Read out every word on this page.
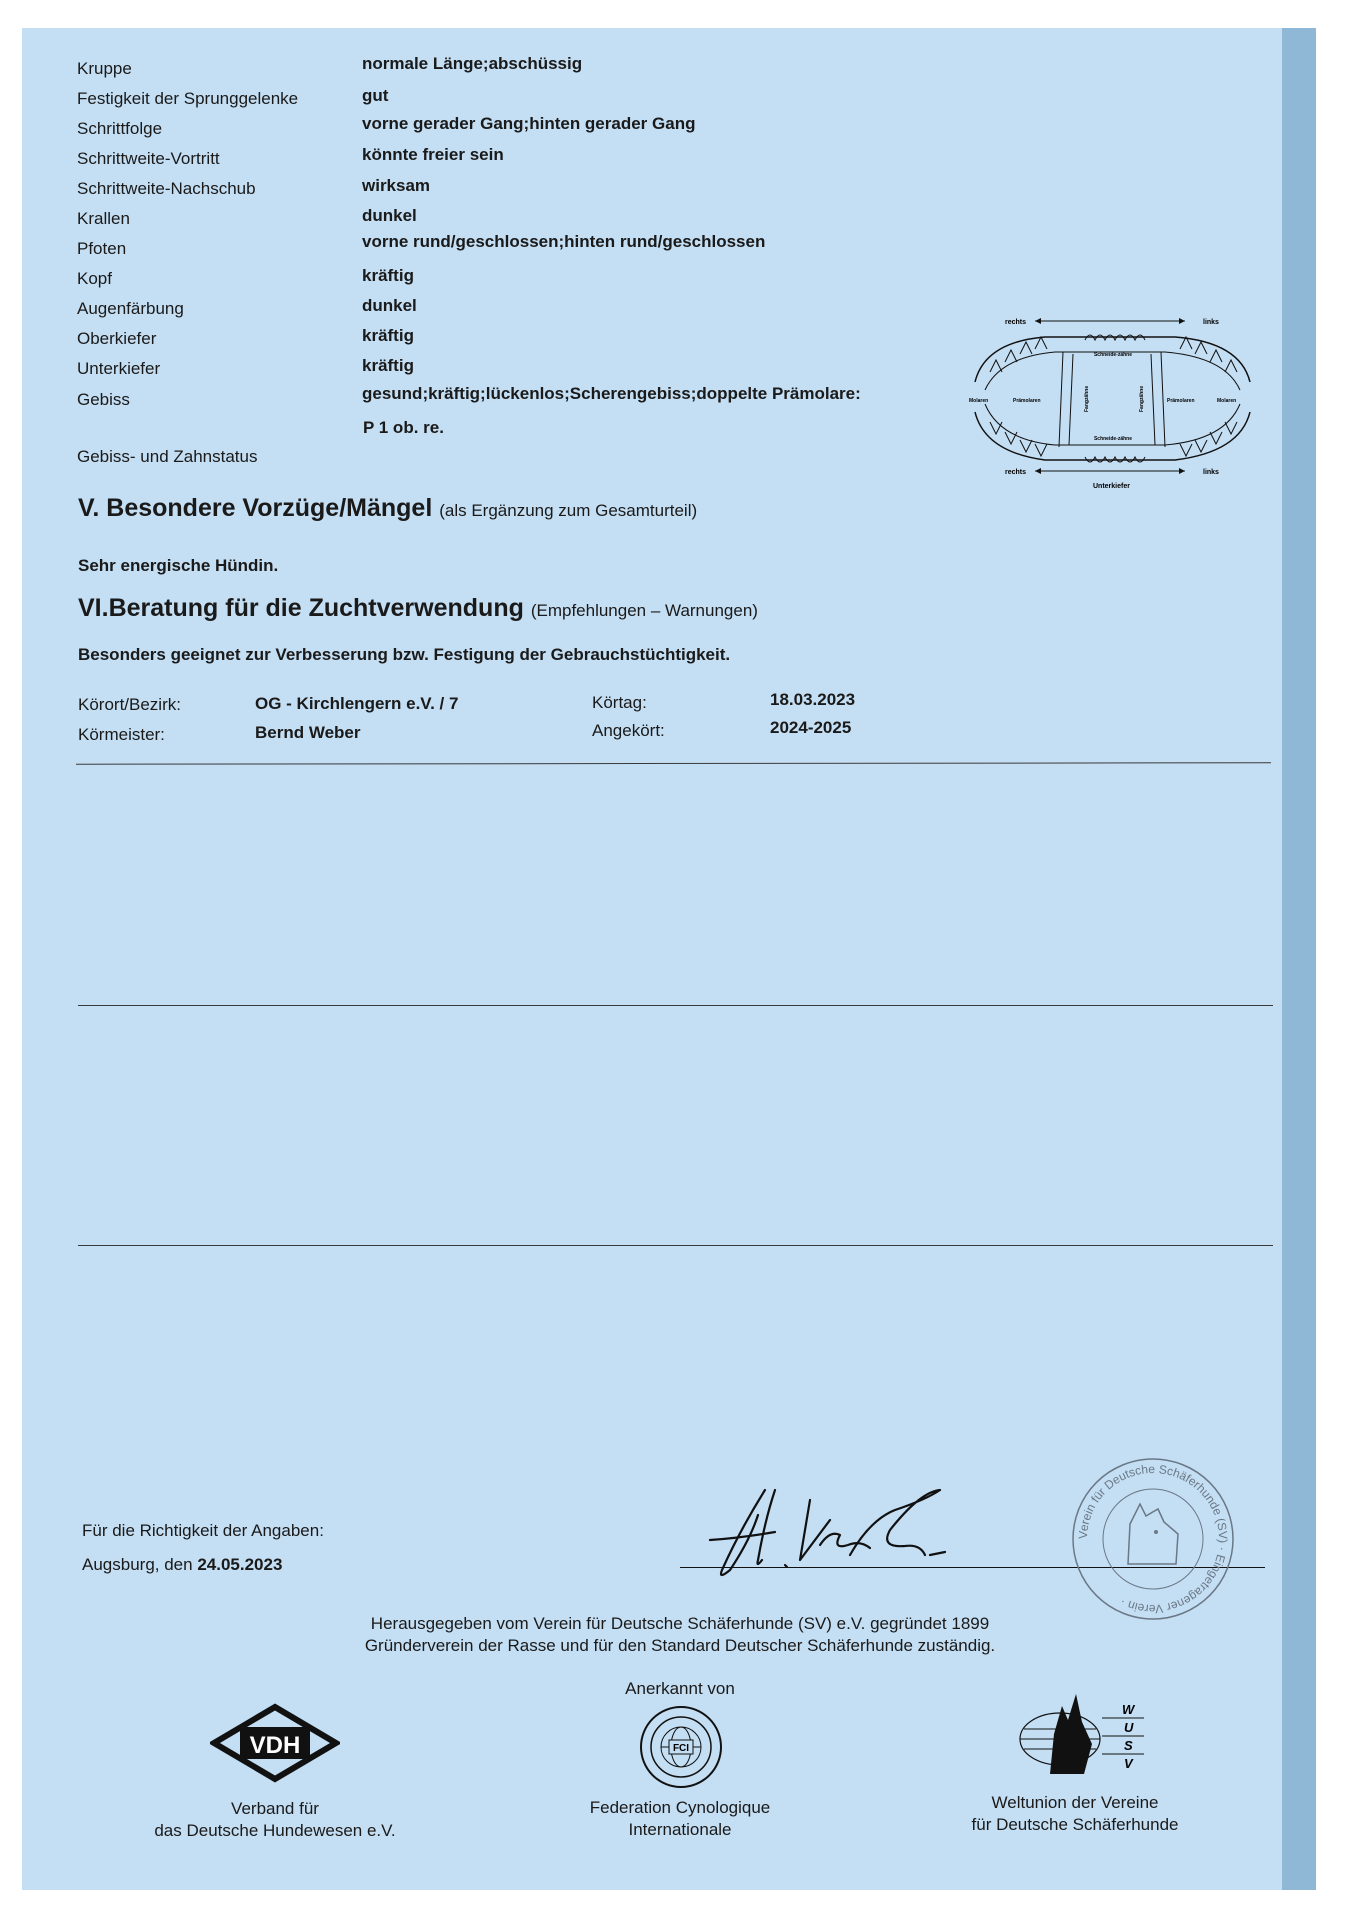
Kruppe	normale Länge;abschüssig
Festigkeit der Sprunggelenke	gut
Schrittfolge	vorne gerader Gang;hinten gerader Gang
Schrittweite-Vortritt	könnte freier sein
Schrittweite-Nachschub	wirksam
Krallen	dunkel
Pfoten	vorne rund/geschlossen;hinten rund/geschlossen
Kopf	kräftig
Augenfärbung	dunkel
Oberkiefer	kräftig
Unterkiefer	kräftig
Gebiss	gesund;kräftig;lückenlos;Scherengebiss;doppelte Prämolare:
P 1 ob. re.
Gebiss- und Zahnstatus
rechts	links
Schneide-zähne
Schneide-zähne
Molaren	Prämolaren	Prämolaren	Molaren
Fangzähne	Fangzähne
rechts	links
Unterkiefer
V. Besondere Vorzüge/Mängel (als Ergänzung zum Gesamturteil)
Sehr energische Hündin.
VI.Beratung für die Zuchtverwendung (Empfehlungen – Warnungen)
Besonders geeignet zur Verbesserung bzw. Festigung der Gebrauchstüchtigkeit.
Körort/Bezirk:	OG - Kirchlengern e.V. / 7	Körtag:	18.03.2023
Körmeister:	Bernd Weber	Angekört:	2024-2025
Für die Richtigkeit der Angaben:
Augsburg, den 24.05.2023
Verein für Deutsche Schäferhunde (SV) · Eingetragener Verein ·
Herausgegeben vom Verein für Deutsche Schäferhunde (SV) e.V. gegründet 1899
Gründerverein der Rasse und für den Standard Deutscher Schäferhunde zuständig.
Anerkannt von
VDH
Verband für
das Deutsche Hundewesen e.V.
FCI
Federation Cynologique
Internationale
W
U
S
V
Weltunion der Vereine
für Deutsche Schäferhunde
